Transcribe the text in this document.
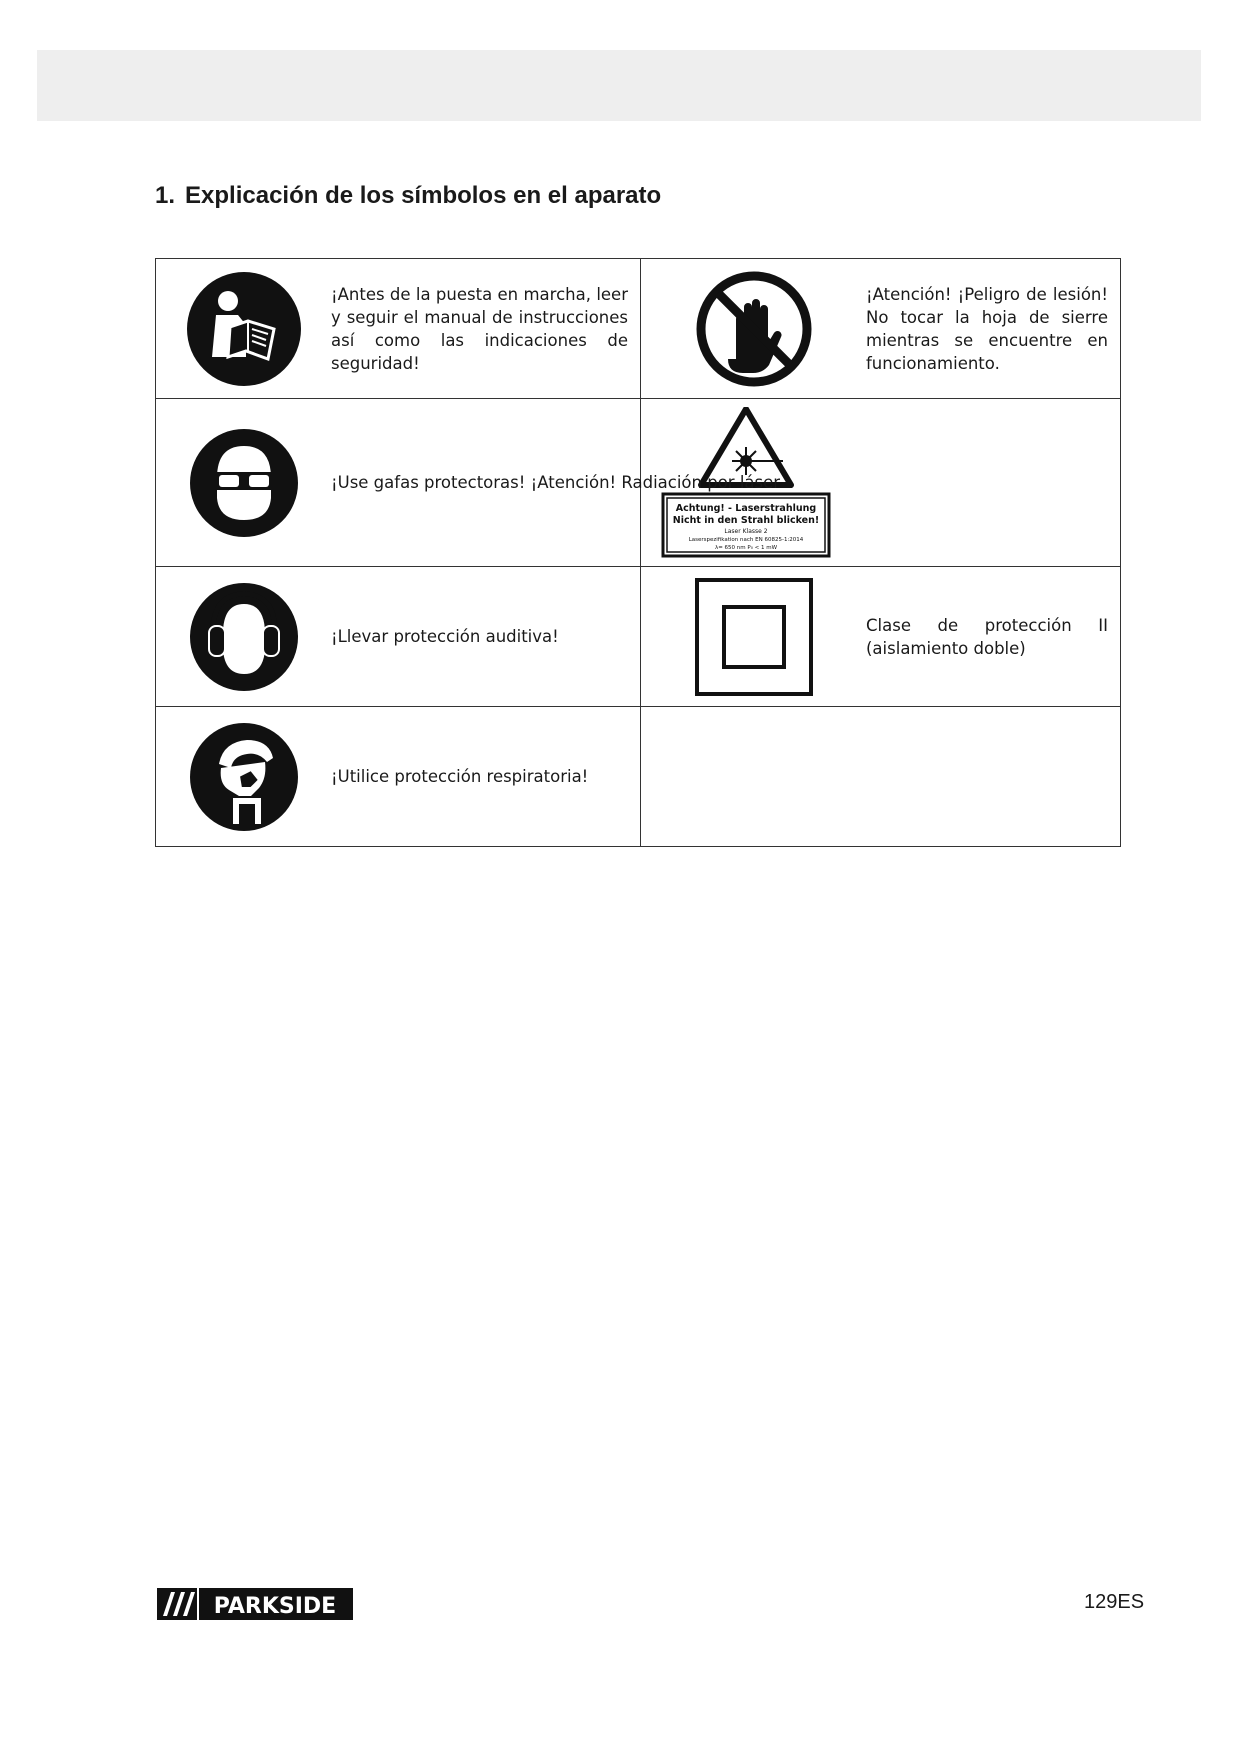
1. Explicación de los símbolos en el aparato
¡Antes de la puesta en marcha, leer y seguir el manual de instrucciones así como las indicaciones de seguridad!	¡Atención! ¡Peligro de lesión! No tocar la hoja de sierre mientras se encuentre en funcionamiento.

¡Use gafas protectoras! ¡Atención! Radiación por láser	Achtung! - Laserstrahlung
Nicht in den Strahl blicken!
Laser Klasse 2
Laserspezifikation nach EN 60825-1:2014
λ= 650 nm P₀ < 1 mW

¡Llevar protección auditiva!	Clase de protección II (aislamiento doble)

¡Utilice protección respiratoria!	

PARKSIDE	129ES
